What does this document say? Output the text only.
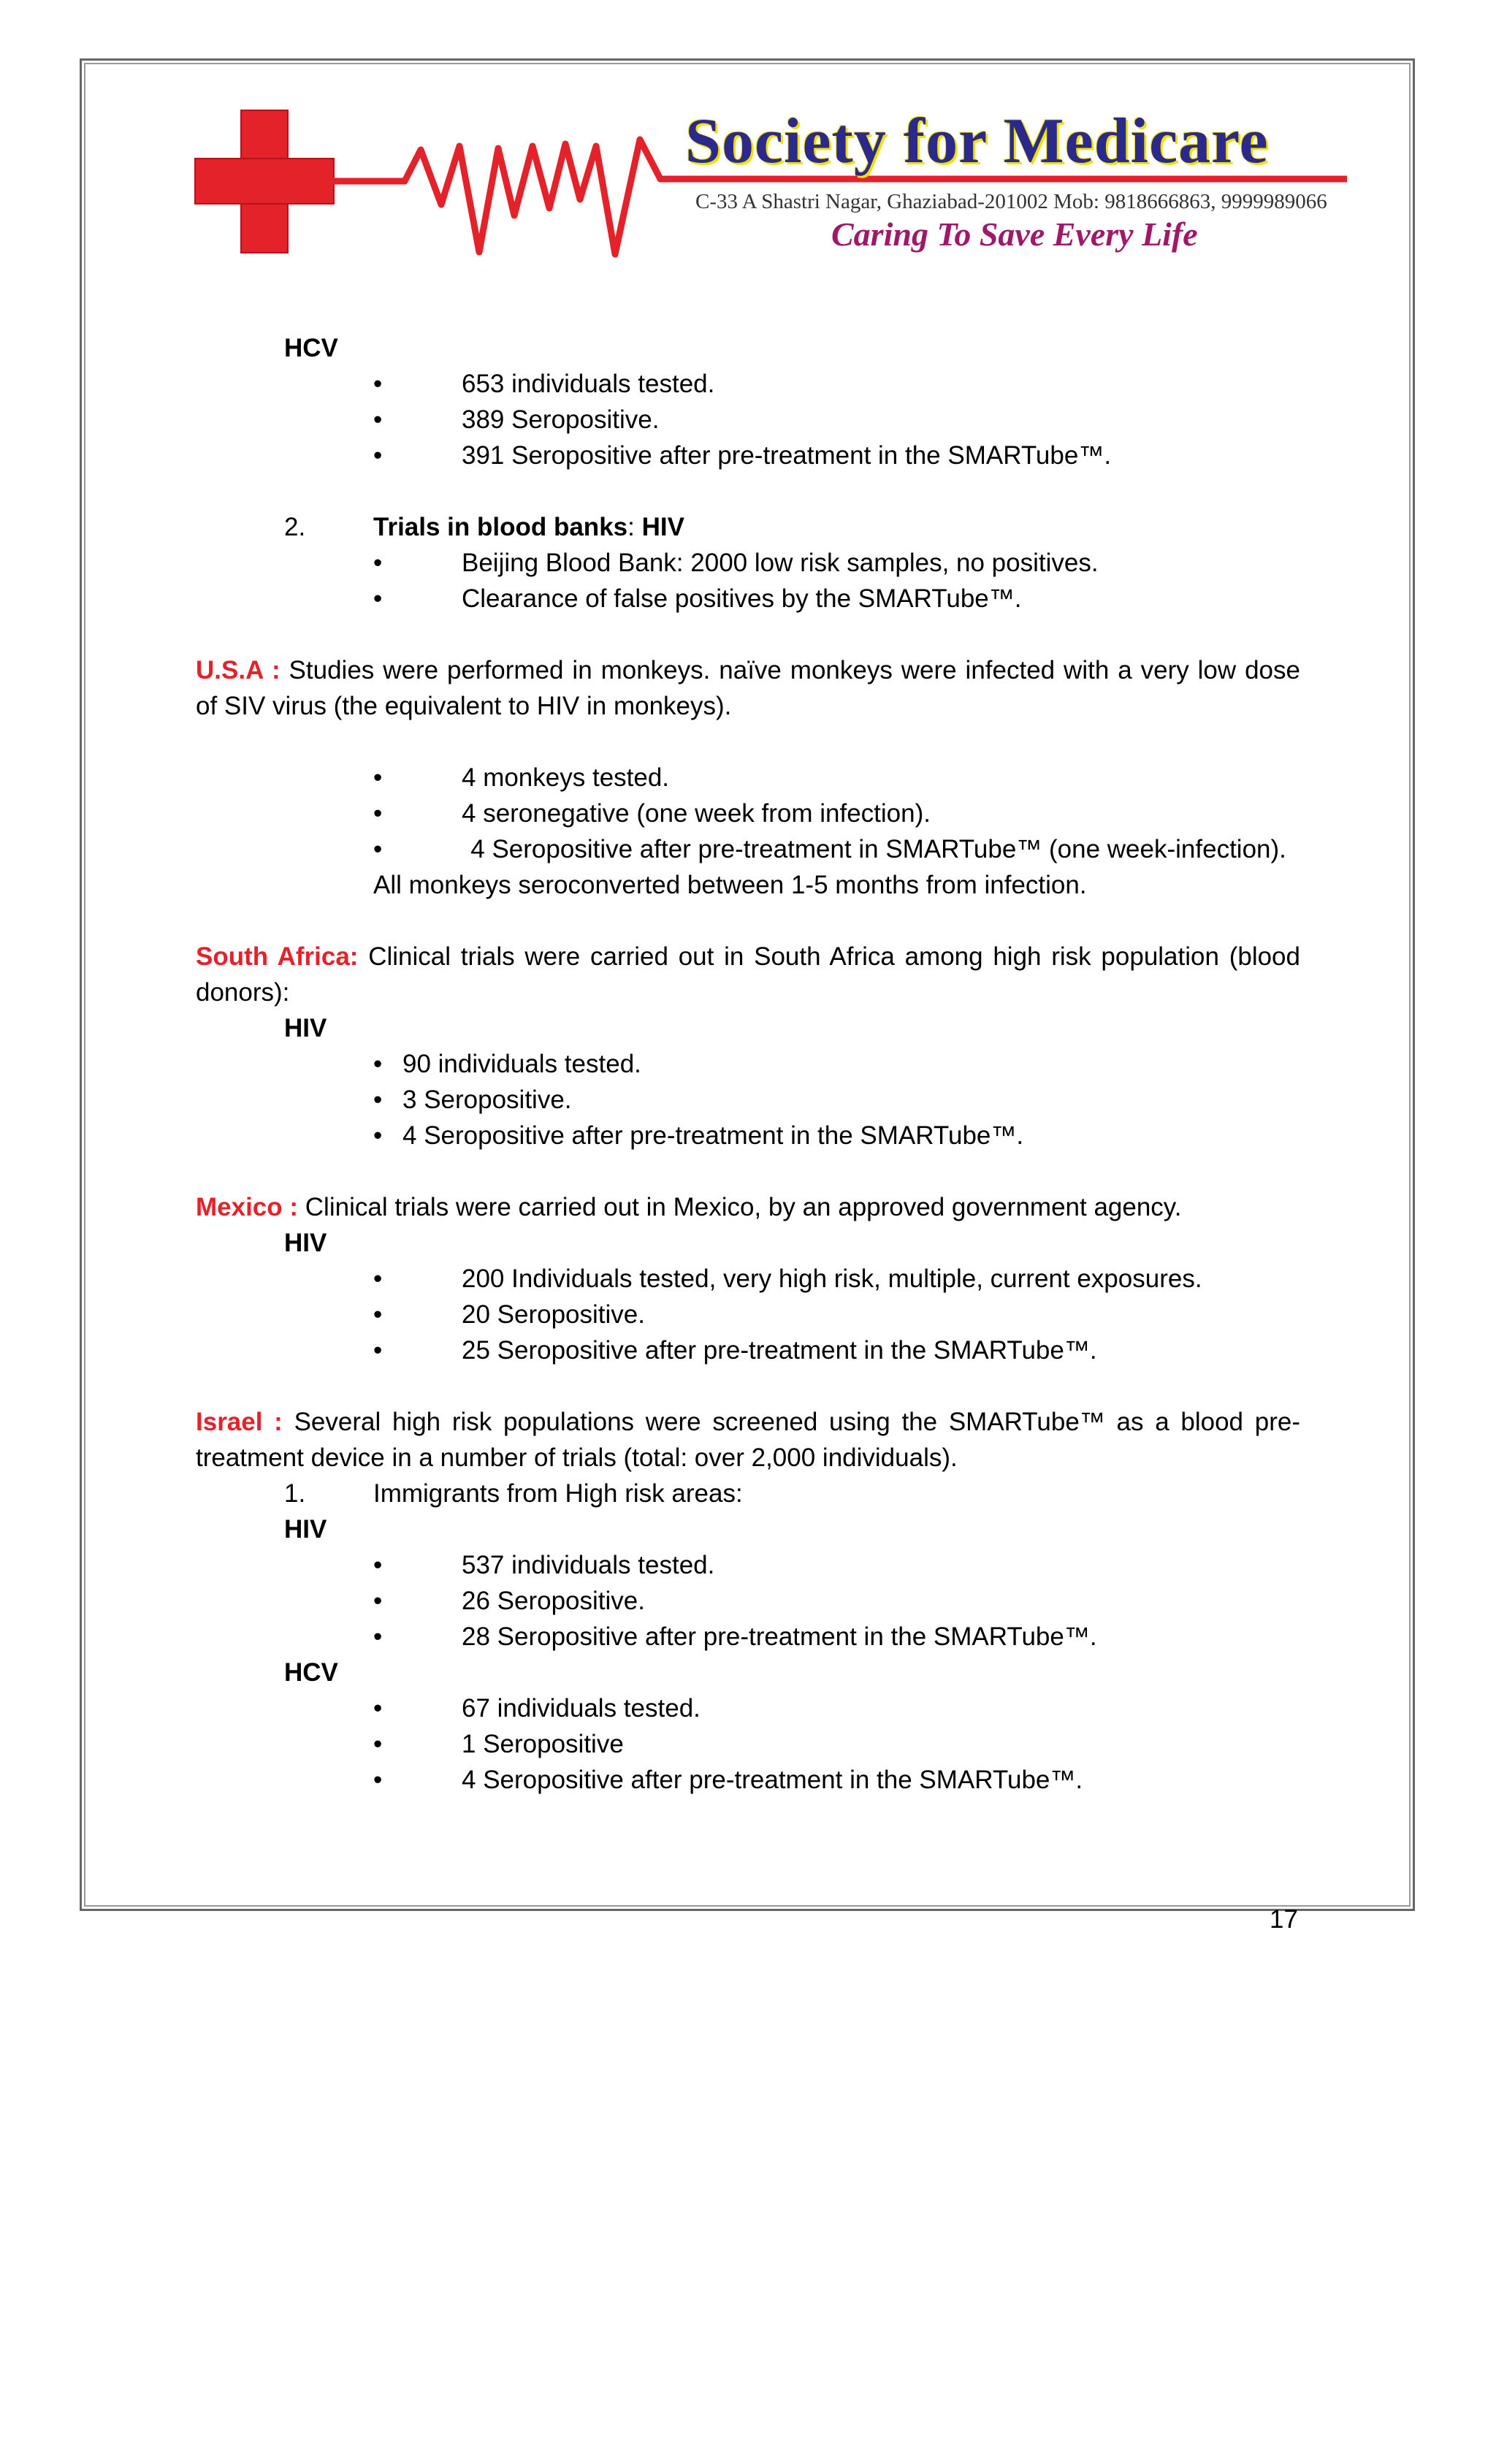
Society for Medicare
C-33 A Shastri Nagar, Ghaziabad-201002 Mob: 9818666863, 9999989066
Caring To Save Every Life
HCV
•	653 individuals tested.
•	389 Seropositive.
•	391 Seropositive after pre-treatment in the SMARTube™.
2.	Trials in blood banks: HIV
•	Beijing Blood Bank: 2000 low risk samples, no positives.
•	Clearance of false positives by the SMARTube™.
U.S.A : Studies were performed in monkeys. naïve monkeys were infected with a very low dose of SIV virus (the equivalent to HIV in monkeys).
•	4 monkeys tested.
•	4 seronegative (one week from infection).
•	4 Seropositive after pre-treatment in SMARTube™ (one week-infection).
All monkeys seroconverted between 1-5 months from infection.
South Africa: Clinical trials were carried out in South Africa among high risk population (blood donors):
HIV
• 90 individuals tested.
• 3 Seropositive.
• 4 Seropositive after pre-treatment in the SMARTube™.
Mexico : Clinical trials were carried out in Mexico, by an approved government agency.
HIV
•	200 Individuals tested, very high risk, multiple, current exposures.
•	20 Seropositive.
•	25 Seropositive after pre-treatment in the SMARTube™.
Israel : Several high risk populations were screened using the SMARTube™ as a blood pre-treatment device in a number of trials (total: over 2,000 individuals).
1.	Immigrants from High risk areas:
HIV
•	537 individuals tested.
•	26 Seropositive.
•	28 Seropositive after pre-treatment in the SMARTube™.
HCV
•	67 individuals tested.
•	1 Seropositive
•	4 Seropositive after pre-treatment in the SMARTube™.
17
